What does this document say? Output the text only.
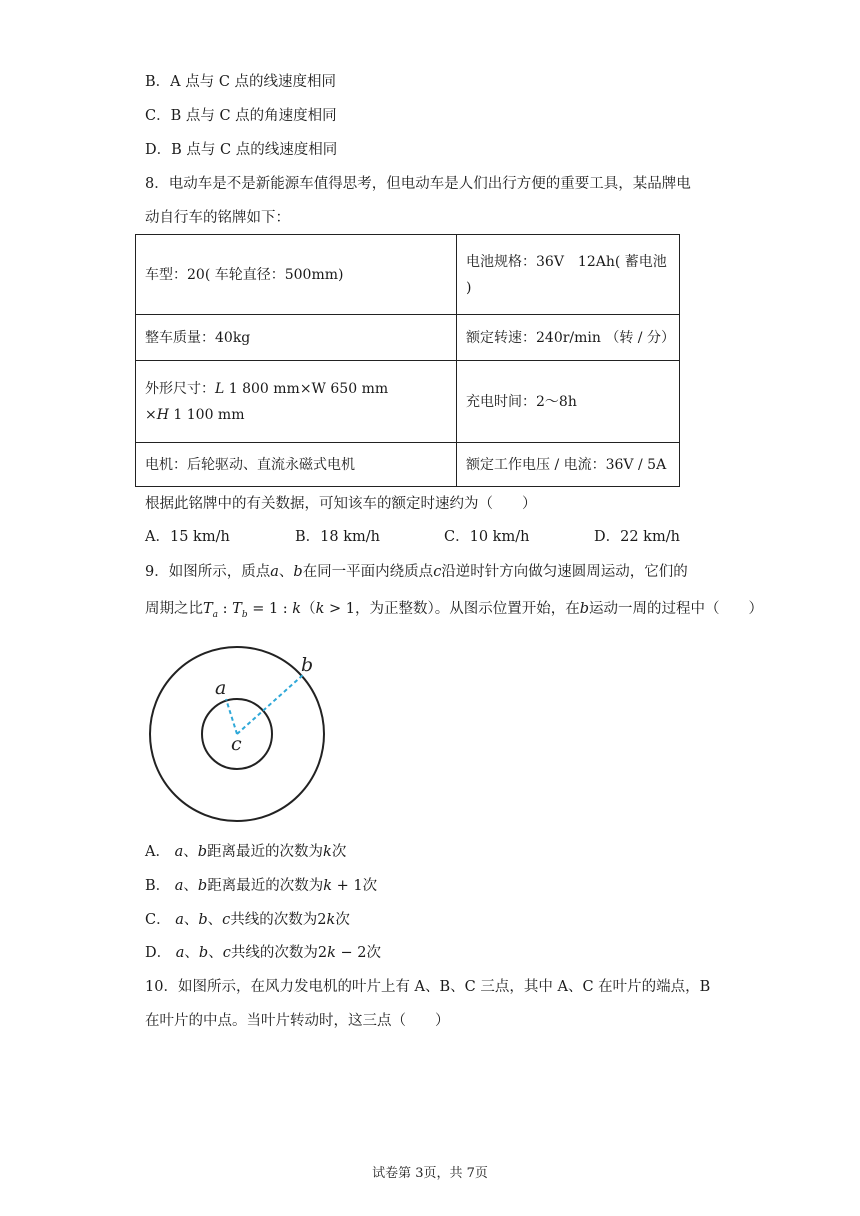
B．A 点与 C 点的线速度相同
C．B 点与 C 点的角速度相同
D．B 点与 C 点的线速度相同
8．电动车是不是新能源车值得思考，但电动车是人们出行方便的重要工具，某品牌电
动自行车的铭牌如下：
车型：20( 车轮直径：500mm)	电池规格：36V　12Ah( 蓄电池
)
整车质量：40kg	额定转速：240r/min （转 / 分）
外形尺寸：L 1 800 mm×W 650 mm
×H 1 100 mm	充电时间：2～8h
电机：后轮驱动、直流永磁式电机	额定工作电压 / 电流：36V / 5A
根据此铭牌中的有关数据，可知该车的额定时速约为（　　）
A．15 km/h	B．18 km/h	C．10 km/h	D．22 km/h
9．如图所示，质点a、b在同一平面内绕质点c沿逆时针方向做匀速圆周运动，它们的
周期之比$T_a$ : $T_b = 1$ : k（k > 1，为正整数）。从图示位置开始，在b运动一周的过程中（　　）
a
b
c
A． a、b距离最近的次数为k次
B． a、b距离最近的次数为k + 1次
C． a、b、c共线的次数为2k次
D． a、b、c共线的次数为2k − 2次
10．如图所示，在风力发电机的叶片上有 A、B、C 三点，其中 A、C 在叶片的端点，B
在叶片的中点。当叶片转动时，这三点（　　）
试卷第 3页，共 7页
